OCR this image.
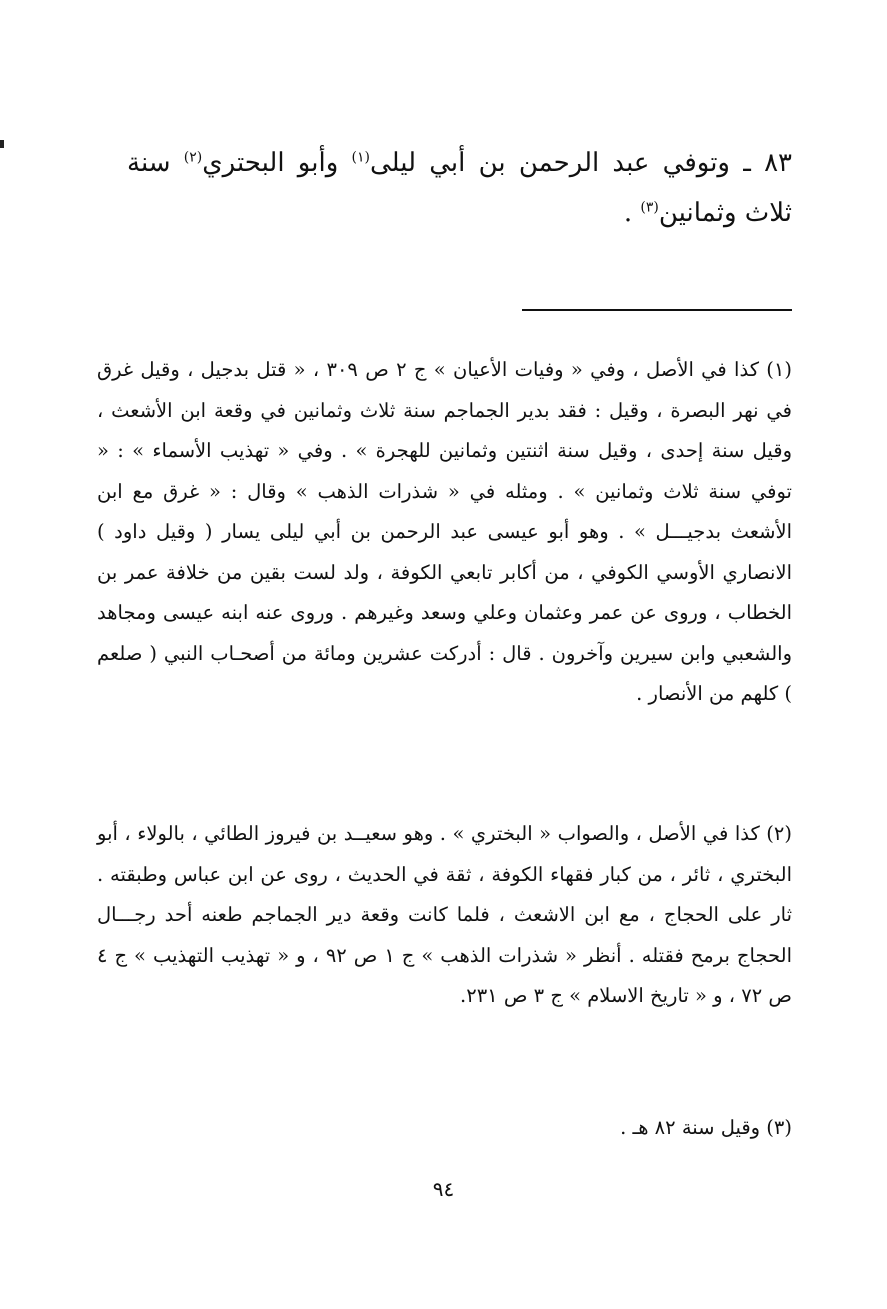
٨٣ ـ وتوفي عبد الرحمن بن أبي ليلى$^{(١)}$ وأبو البحتري$^{(٢)}$ سنة ثلاث وثمانين$^{(٣)}$ .

(١) كذا في الأصل ، وفي « وفيات الأعيان » ج ٢ ص ٣٠٩ ، « قتل بدجيل ، وقيل غرق في نهر البصرة ، وقيل : فقد بدير الجماجم سنة ثلاث وثمانين في وقعة ابن الأشعث ، وقيل سنة إحدى ، وقيل سنة اثنتين وثمانين للهجرة » . وفي « تهذيب الأسماء » : « توفي سنة ثلاث وثمانين » . ومثله في « شذرات الذهب » وقال : « غرق مع ابن الأشعث بدجيـــل » . وهو أبو عيسى عبد الرحمن بن أبي ليلى يسار ( وقيل داود ) الانصاري الأوسي الكوفي ، من أكابر تابعي الكوفة ، ولد لست بقين من خلافة عمر بن الخطاب ، وروى عن عمر وعثمان وعلي وسعد وغيرهم . وروى عنه ابنه عيسى ومجاهد والشعبي وابن سيرين وآخرون . قال : أدركت عشرين ومائة من أصحـاب النبي ( صلعم ) كلهم من الأنصار .

(٢) كذا في الأصل ، والصواب « البختري » . وهو سعيــد بن فيروز الطائي ، بالولاء ، أبو البختري ، ثائر ، من كبار فقهاء الكوفة ، ثقة في الحديث ، روى عن ابن عباس وطبقته . ثار على الحجاج ، مع ابن الاشعث ، فلما كانت وقعة دير الجماجم طعنه أحد رجـــال الحجاج برمح فقتله . أنظر « شذرات الذهب » ج ١ ص ٩٢ ، و « تهذيب التهذيب » ج ٤ ص ٧٢ ، و « تاريخ الاسلام » ج ٣ ص ٢٣١.

(٣) وقيل سنة ٨٢ هـ .

٩٤
